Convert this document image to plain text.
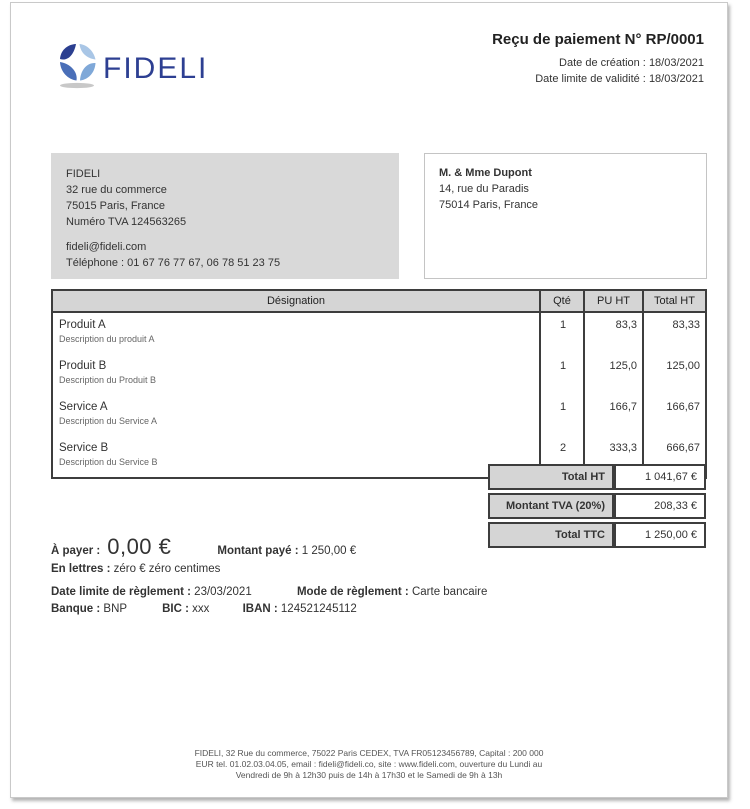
FIDELI
Reçu de paiement N° RP/0001
Date de création : 18/03/2021
Date limite de validité : 18/03/2021
FIDELI
32 rue du commerce
75015 Paris, France
Numéro TVA 124563265
fideli@fideli.com
Téléphone : 01 67 76 77 67, 06 78 51 23 75
M. & Mme Dupont
14, rue du Paradis
75014 Paris, France
Désignation	Qté	PU HT	Total HT

Produit A
Description du produit A	1	83,3	83,33

Produit B
Description du Produit B	1	125,0	125,00

Service A
Description du Service A	1	166,7	166,67

Service B
Description du Service B	2	333,3	666,67
Total HT	1 041,67 €
Montant TVA (20%)	208,33 €
Total TTC	1 250,00 €
À payer : 0,00 €	Montant payé : 1 250,00 €
En lettres : zéro € zéro centimes
Date limite de règlement : 23/03/2021	Mode de règlement : Carte bancaire
Banque : BNP	BIC : xxx	IBAN : 124521245112
FIDELI, 32 Rue du commerce, 75022 Paris CEDEX, TVA FR05123456789, Capital : 200 000
EUR tel. 01.02.03.04.05, email : fideli@fideli.co, site : www.fideli.com, ouverture du Lundi au
Vendredi de 9h à 12h30 puis de 14h à 17h30 et le Samedi de 9h à 13h
